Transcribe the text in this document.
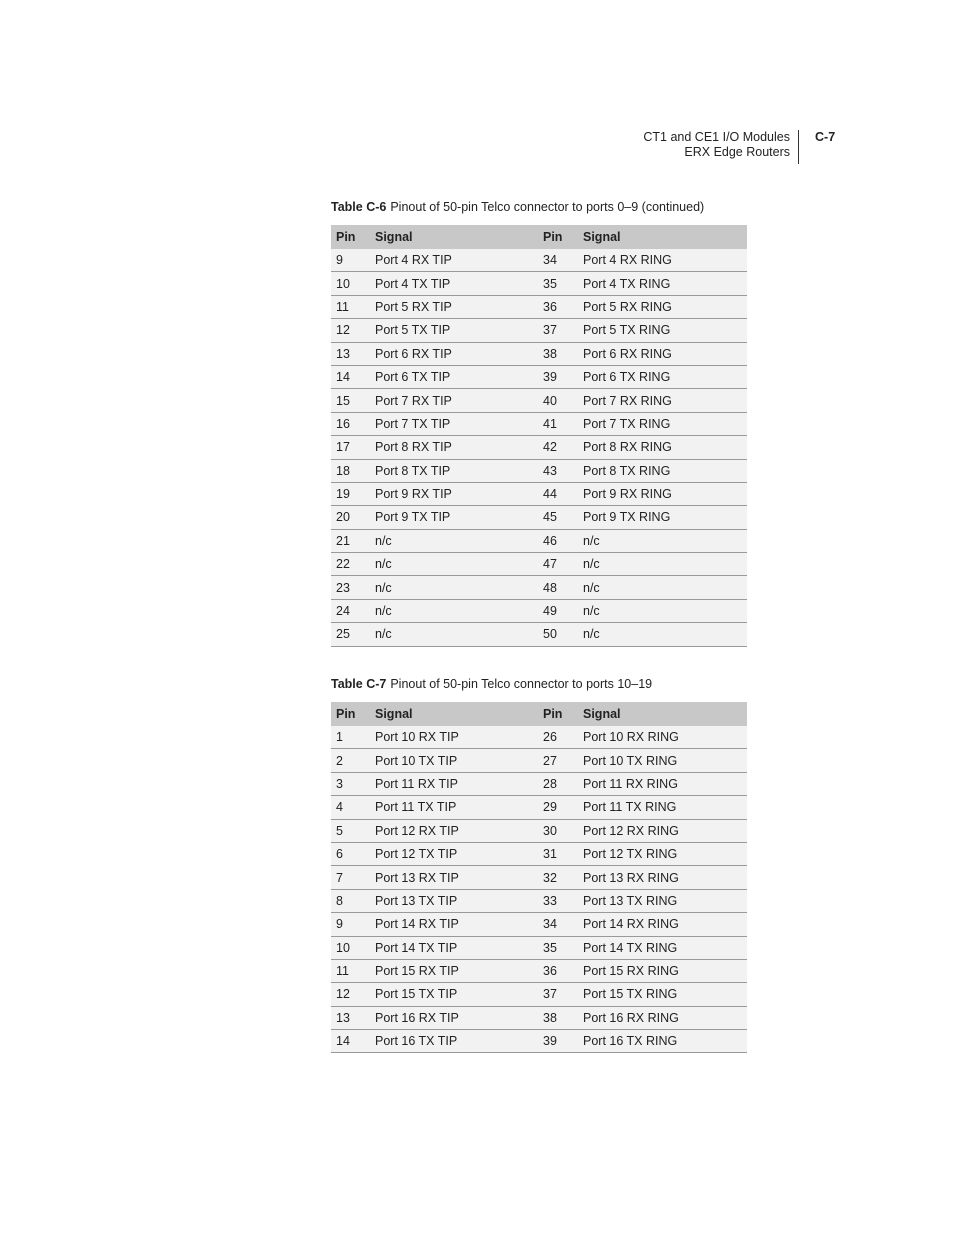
CT1 and CE1 I/O Modules
ERX Edge Routers
C-7
Table C-6 Pinout of 50-pin Telco connector to ports 0–9 (continued)
Pin	Signal	Pin	Signal
9	Port 4 RX TIP	34	Port 4 RX RING
10	Port 4 TX TIP	35	Port 4 TX RING
11	Port 5 RX TIP	36	Port 5 RX RING
12	Port 5 TX TIP	37	Port 5 TX RING
13	Port 6 RX TIP	38	Port 6 RX RING
14	Port 6 TX TIP	39	Port 6 TX RING
15	Port 7 RX TIP	40	Port 7 RX RING
16	Port 7 TX TIP	41	Port 7 TX RING
17	Port 8 RX TIP	42	Port 8 RX RING
18	Port 8 TX TIP	43	Port 8 TX RING
19	Port 9 RX TIP	44	Port 9 RX RING
20	Port 9 TX TIP	45	Port 9 TX RING
21	n/c	46	n/c
22	n/c	47	n/c
23	n/c	48	n/c
24	n/c	49	n/c
25	n/c	50	n/c
Table C-7 Pinout of 50-pin Telco connector to ports 10–19
Pin	Signal	Pin	Signal
1	Port 10 RX TIP	26	Port 10 RX RING
2	Port 10 TX TIP	27	Port 10 TX RING
3	Port 11 RX TIP	28	Port 11 RX RING
4	Port 11 TX TIP	29	Port 11 TX RING
5	Port 12 RX TIP	30	Port 12 RX RING
6	Port 12 TX TIP	31	Port 12 TX RING
7	Port 13 RX TIP	32	Port 13 RX RING
8	Port 13 TX TIP	33	Port 13 TX RING
9	Port 14 RX TIP	34	Port 14 RX RING
10	Port 14 TX TIP	35	Port 14 TX RING
11	Port 15 RX TIP	36	Port 15 RX RING
12	Port 15 TX TIP	37	Port 15 TX RING
13	Port 16 RX TIP	38	Port 16 RX RING
14	Port 16 TX TIP	39	Port 16 TX RING
